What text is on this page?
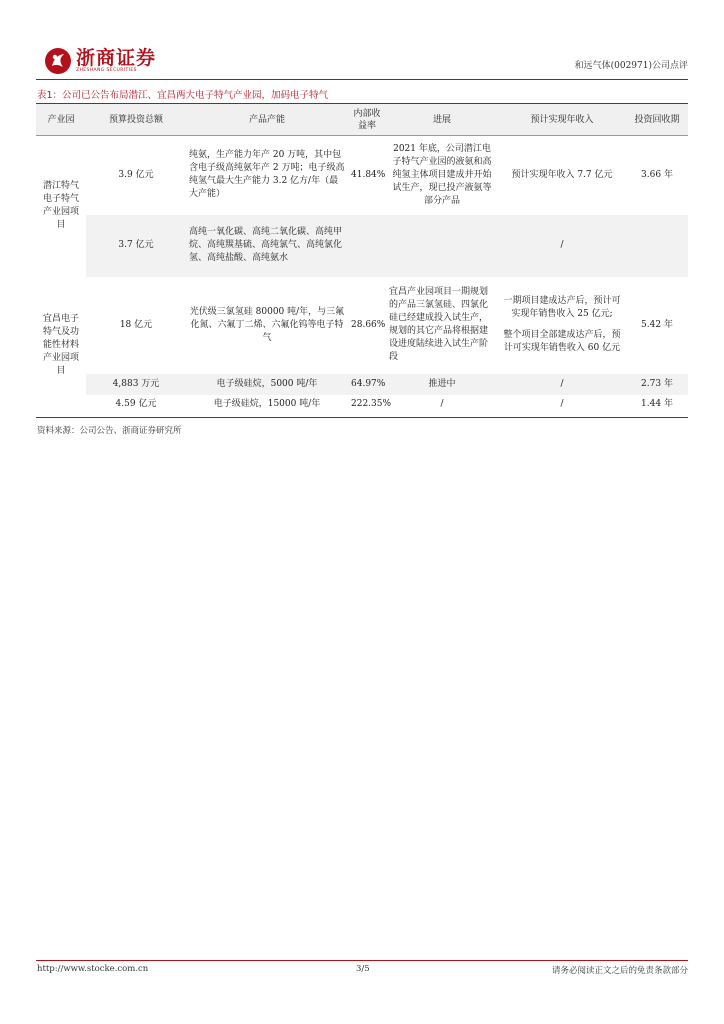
浙商证券
ZHESHANG SECURITIES	和远气体(002971)公司点评
表1：公司已公告布局潜江、宜昌两大电子特气产业园，加码电子特气
产业园	预算投资总额	产品产能	内部收益率	进展	预计实现年收入	投资回收期
潜江特气电子特气产业园项目	3.9 亿元	纯氨，生产能力年产 20 万吨，其中包含电子级高纯氨年产 2 万吨；电子级高纯氢气最大生产能力 3.2 亿方/年（最大产能）	41.84%	2021 年底，公司潜江电子特气产业园的液氨和高纯氢主体项目建成并开始试生产，现已投产液氨等部分产品	预计实现年收入 7.7 亿元	3.66 年
	3.7 亿元	高纯一氧化碳、高纯二氧化碳、高纯甲烷、高纯羰基硫、高纯氯气、高纯氯化氢、高纯盐酸、高纯氨水			/	
宜昌电子特气及功能性材料产业园项目	18 亿元	光伏级三氯氢硅 80000 吨/年，与三氟化氮、六氟丁二烯、六氟化钨等电子特气	28.66%	宜昌产业园项目一期规划的产品三氯氢硅、四氯化硅已经建成投入试生产，规划的其它产品将根据建设进度陆续进入试生产阶段	一期项目建成达产后，预计可实现年销售收入 25 亿元;
整个项目全部建成达产后，预计可实现年销售收入 60 亿元	5.42 年
	4,883 万元	电子级硅烷，5000 吨/年	64.97%	推进中	/	2.73 年
	4.59 亿元	电子级硅烷，15000 吨/年	222.35%	/	/	1.44 年
资料来源：公司公告、浙商证券研究所
http://www.stocke.com.cn	3/5	请务必阅读正文之后的免责条款部分
